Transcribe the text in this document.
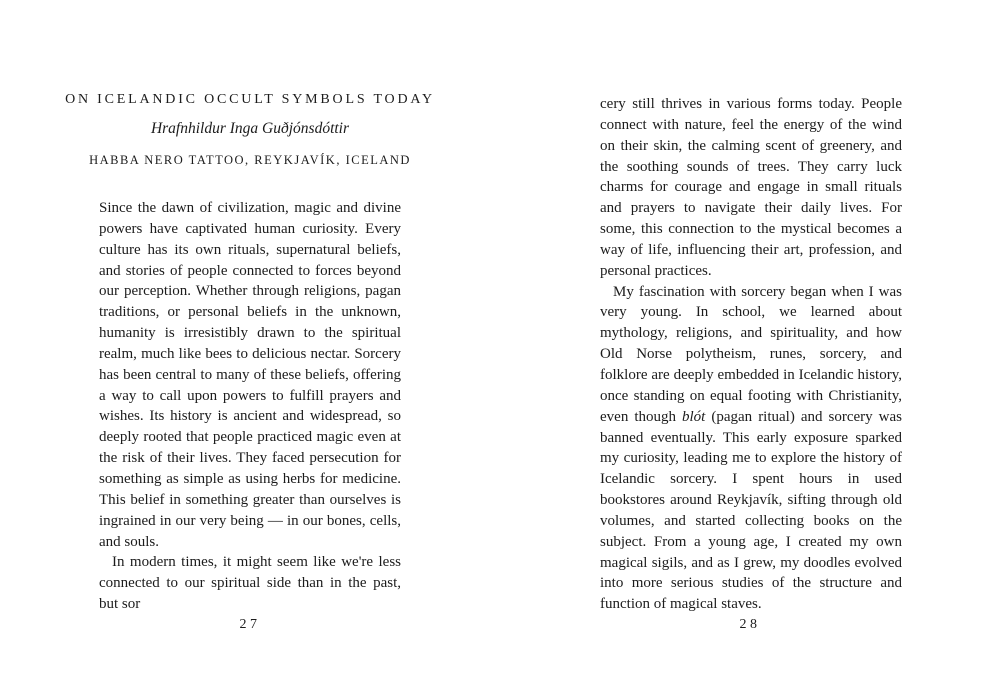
ON ICELANDIC OCCULT SYMBOLS TODAY
Hrafnhildur Inga Guðjónsdóttir
HABBA NERO TATTOO, REYKJAVÍK, ICELAND

Since the dawn of civilization, magic and divine powers have captivated human curiosity. Every culture has its own rituals, supernatural beliefs, and stories of people connected to forces beyond our perception. Whether through religions, pagan traditions, or personal beliefs in the unknown, humanity is irresistibly drawn to the spiritual realm, much like bees to delicious nectar. Sorcery has been central to many of these beliefs, offering a way to call upon powers to fulfill prayers and wishes. Its history is ancient and widespread, so deeply rooted that people practiced magic even at the risk of their lives. They faced persecution for something as simple as using herbs for medicine. This belief in something greater than ourselves is ingrained in our very being — in our bones, cells, and souls.

In modern times, it might seem like we're less connected to our spiritual side than in the past, but sor

27

cery still thrives in various forms today. People connect with nature, feel the energy of the wind on their skin, the calming scent of greenery, and the soothing sounds of trees. They carry luck charms for courage and engage in small rituals and prayers to navigate their daily lives. For some, this connection to the mystical becomes a way of life, influencing their art, profession, and personal practices.

My fascination with sorcery began when I was very young. In school, we learned about mythology, religions, and spirituality, and how Old Norse polytheism, runes, sorcery, and folklore are deeply embedded in Icelandic history, once standing on equal footing with Christianity, even though blót (pagan ritual) and sorcery was banned eventually. This early exposure sparked my curiosity, leading me to explore the history of Icelandic sorcery. I spent hours in used bookstores around Reykjavík, sifting through old volumes, and started collecting books on the subject. From a young age, I created my own magical sigils, and as I grew, my doodles evolved into more serious studies of the structure and function of magical staves.

28
